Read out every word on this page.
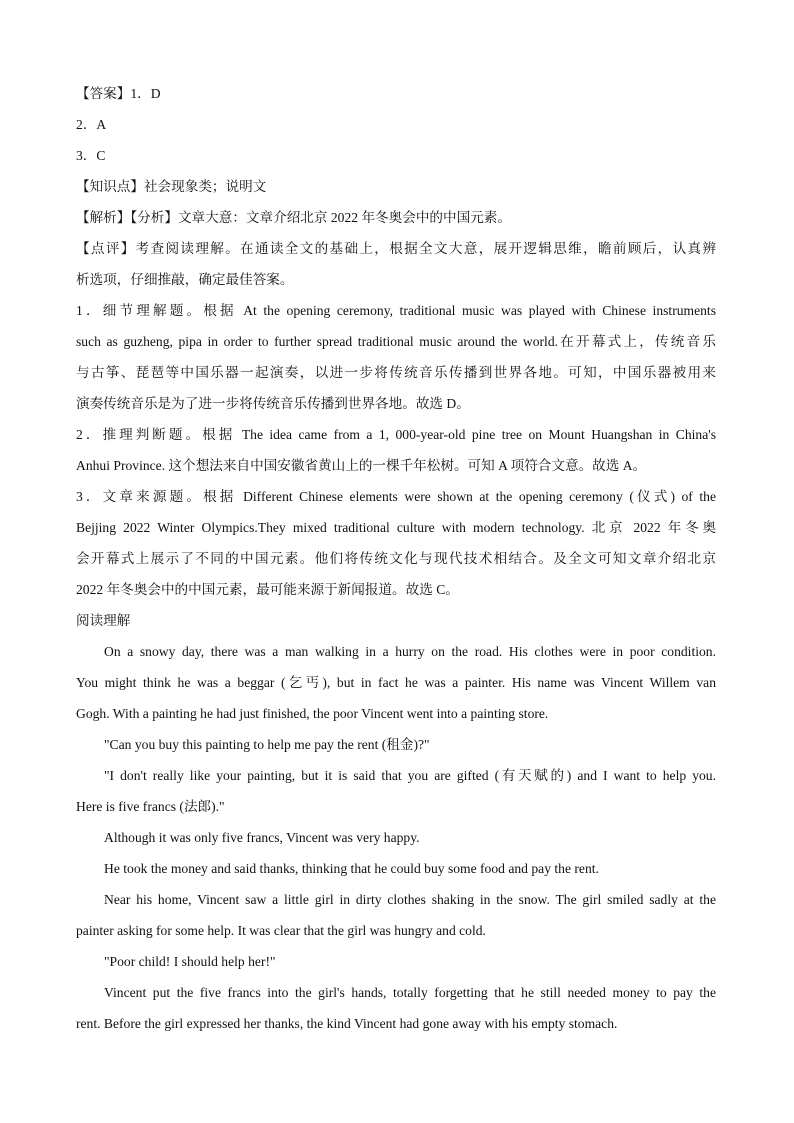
【答案】1．D
2．A
3．C
【知识点】社会现象类；说明文
【解析】【分析】文章大意：文章介绍北京 2022 年冬奥会中的中国元素。
【点评】考查阅读理解。在通读全文的基础上，根据全文大意，展开逻辑思维，瞻前顾后，认真辨
析选项，仔细推敲，确定最佳答案。
1．细节理解题。根据 At the opening ceremony, traditional music was played with Chinese instruments
such as guzheng, pipa in order to further spread traditional music around the world.在开幕式上，传统音乐
与古筝、琵琶等中国乐器一起演奏，以进一步将传统音乐传播到世界各地。可知，中国乐器被用来
演奏传统音乐是为了进一步将传统音乐传播到世界各地。故选 D。
2．推理判断题。根据 The idea came from a 1, 000-year-old pine tree on Mount Huangshan in China's
Anhui Province. 这个想法来自中国安徽省黄山上的一棵千年松树。可知 A 项符合文意。故选 A。
3．文章来源题。根据 Different Chinese elements were shown at the opening ceremony (仪式) of the
Bejjing 2022 Winter Olympics.They mixed traditional culture with modern technology. 北京 2022 年冬奥
会开幕式上展示了不同的中国元素。他们将传统文化与现代技术相结合。及全文可知文章介绍北京
2022 年冬奥会中的中国元素，最可能来源于新闻报道。故选 C。
阅读理解
On a snowy day, there was a man walking in a hurry on the road. His clothes were in poor condition.
You might think he was a beggar (乞丐), but in fact he was a painter. His name was Vincent Willem van
Gogh. With a painting he had just finished, the poor Vincent went into a painting store.
"Can you buy this painting to help me pay the rent (租金)?"
"I don't really like your painting, but it is said that you are gifted (有天赋的) and I want to help you.
Here is five francs (法郎)."
Although it was only five francs, Vincent was very happy.
He took the money and said thanks, thinking that he could buy some food and pay the rent.
Near his home, Vincent saw a little girl in dirty clothes shaking in the snow. The girl smiled sadly at the
painter asking for some help. It was clear that the girl was hungry and cold.
"Poor child! I should help her!"
Vincent put the five francs into the girl's hands, totally forgetting that he still needed money to pay the
rent. Before the girl expressed her thanks, the kind Vincent had gone away with his empty stomach.
